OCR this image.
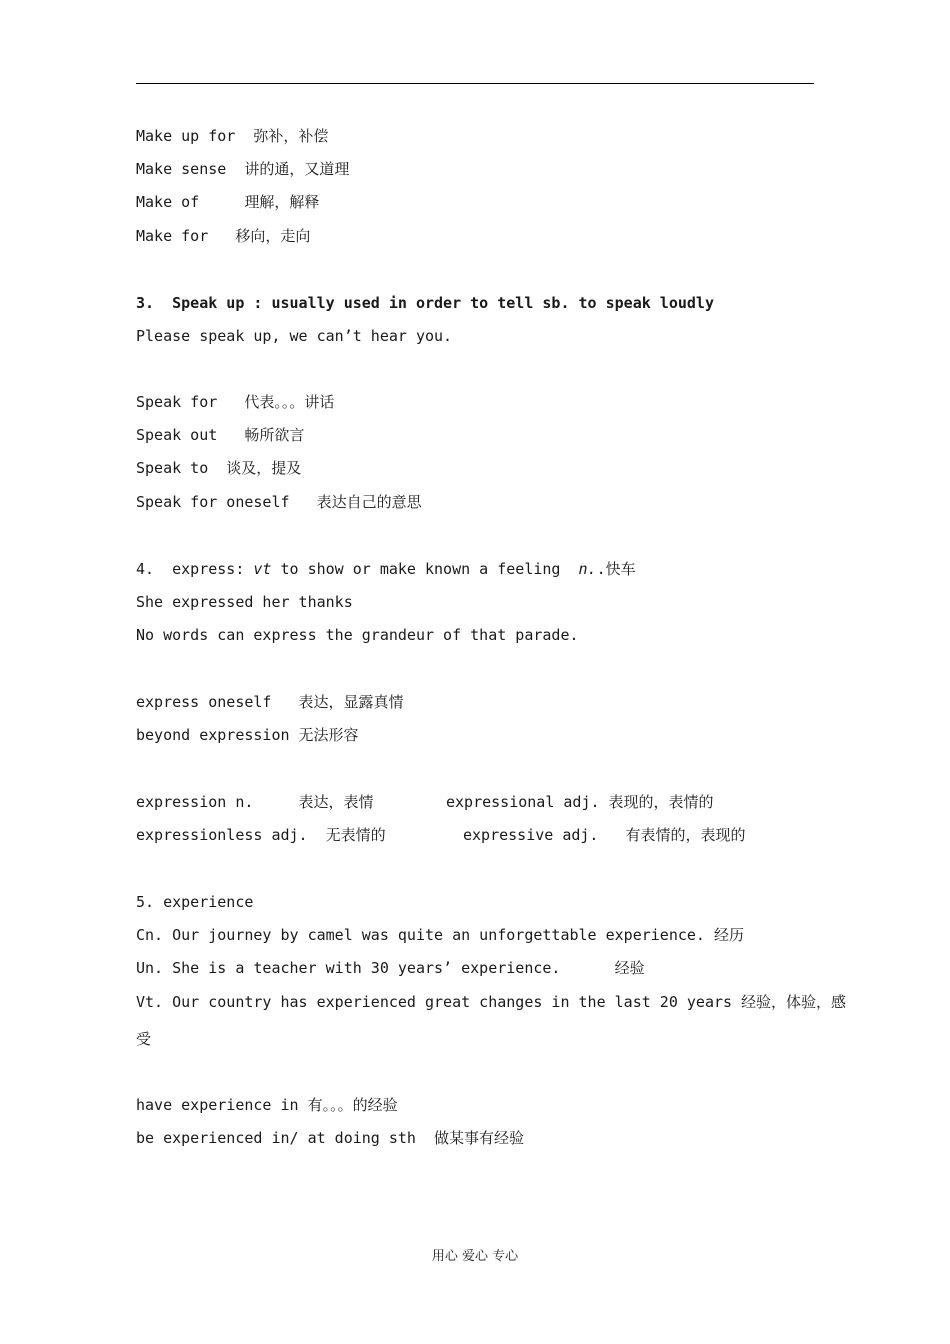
Make up for  弥补，补偿
Make sense  讲的通，又道理
Make of     理解，解释
Make for   移向，走向
3.  Speak up : usually used in order to tell sb. to speak loudly
Please speak up, we can’t hear you.
Speak for   代表。。。讲话
Speak out   畅所欲言
Speak to  谈及，提及
Speak for oneself   表达自己的意思
4.  express: vt to show or make known a feeling  n..快车
She expressed her thanks
No words can express the grandeur of that parade.
express oneself   表达，显露真情
beyond expression 无法形容
expression n.     表达，表情	expressional adj. 表现的，表情的
expressionless adj.  无表情的	expressive adj.   有表情的，表现的
5. experience
Cn. Our journey by camel was quite an unforgettable experience. 经历
Un. She is a teacher with 30 years’ experience.      经验
Vt. Our country has experienced great changes in the last 20 years 经验，体验，感
受
have experience in 有。。。的经验
be experienced in/ at doing sth  做某事有经验
用心 爱心 专心
